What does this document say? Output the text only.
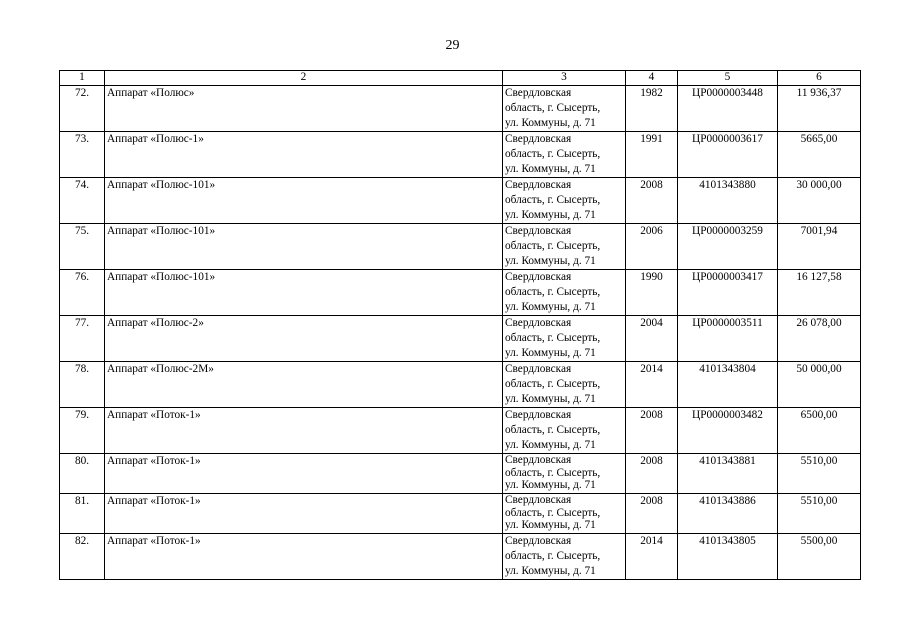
29
1	2	3	4	5	6
72.	Аппарат «Полюс»	Свердловская
область, г. Сысерть,
ул. Коммуны, д. 71	1982	ЦР0000003448	11 936,37
73.	Аппарат «Полюс-1»	Свердловская
область, г. Сысерть,
ул. Коммуны, д. 71	1991	ЦР0000003617	5665,00
74.	Аппарат «Полюс-101»	Свердловская
область, г. Сысерть,
ул. Коммуны, д. 71	2008	4101343880	30 000,00
75.	Аппарат «Полюс-101»	Свердловская
область, г. Сысерть,
ул. Коммуны, д. 71	2006	ЦР0000003259	7001,94
76.	Аппарат «Полюс-101»	Свердловская
область, г. Сысерть,
ул. Коммуны, д. 71	1990	ЦР0000003417	16 127,58
77.	Аппарат «Полюс-2»	Свердловская
область, г. Сысерть,
ул. Коммуны, д. 71	2004	ЦР0000003511	26 078,00
78.	Аппарат «Полюс-2М»	Свердловская
область, г. Сысерть,
ул. Коммуны, д. 71	2014	4101343804	50 000,00
79.	Аппарат «Поток-1»	Свердловская
область, г. Сысерть,
ул. Коммуны, д. 71	2008	ЦР0000003482	6500,00
80.	Аппарат «Поток-1»	Свердловская
область, г. Сысерть,
ул. Коммуны, д. 71	2008	4101343881	5510,00
81.	Аппарат «Поток-1»	Свердловская
область, г. Сысерть,
ул. Коммуны, д. 71	2008	4101343886	5510,00
82.	Аппарат «Поток-1»	Свердловская
область, г. Сысерть,
ул. Коммуны, д. 71	2014	4101343805	5500,00
